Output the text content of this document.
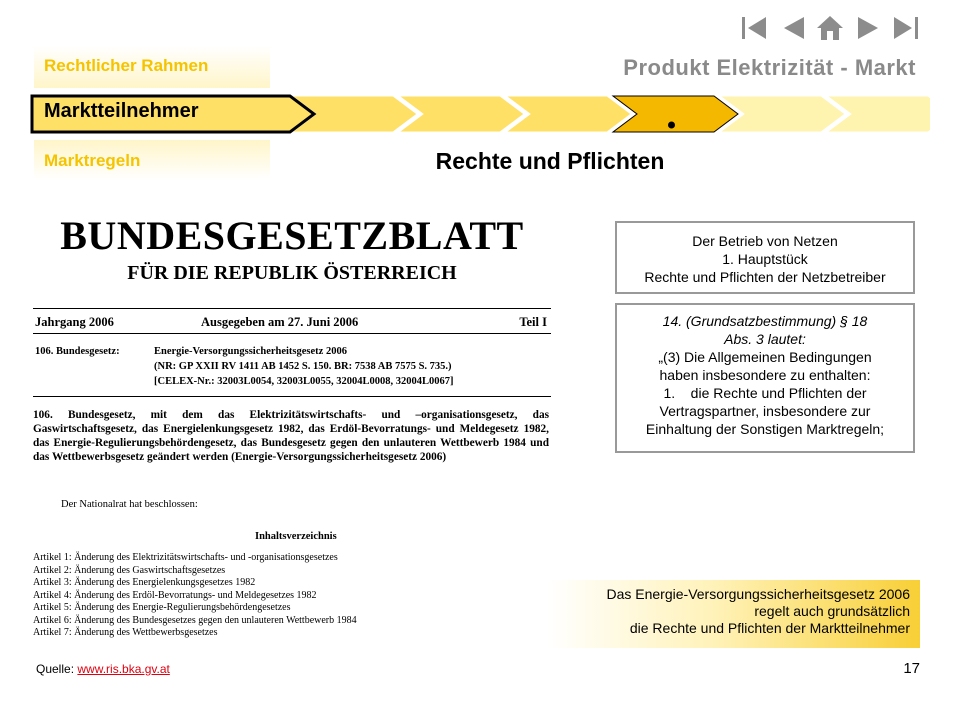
Produkt Elektrizität - Markt
Rechtlicher Rahmen
Marktteilnehmer
Marktregeln	Rechte und Pflichten
BUNDESGESETZBLATT
FÜR DIE REPUBLIK ÖSTERREICH
Jahrgang 2006	Ausgegeben am 27. Juni 2006	Teil I
106. Bundesgesetz:	Energie-Versorgungssicherheitsgesetz 2006
(NR: GP XXII RV 1411 AB 1452 S. 150. BR: 7538 AB 7575 S. 735.)
[CELEX-Nr.: 32003L0054, 32003L0055, 32004L0008, 32004L0067]
106. Bundesgesetz, mit dem das Elektrizitätswirtschafts- und –organisationsgesetz, das Gaswirtschaftsgesetz, das Energielenkungsgesetz 1982, das Erdöl-Bevorratungs- und Meldegesetz 1982, das Energie-Regulierungsbehördengesetz, das Bundesgesetz gegen den unlauteren Wettbewerb 1984 und das Wettbewerbsgesetz geändert werden (Energie-Versorgungssicherheitsgesetz 2006)
Der Nationalrat hat beschlossen:
Inhaltsverzeichnis
Artikel 1: Änderung des Elektrizitätswirtschafts- und -organisationsgesetzes
Artikel 2: Änderung des Gaswirtschaftsgesetzes
Artikel 3: Änderung des Energielenkungsgesetzes 1982
Artikel 4: Änderung des Erdöl-Bevorratungs- und Meldegesetzes 1982
Artikel 5: Änderung des Energie-Regulierungsbehördengesetzes
Artikel 6: Änderung des Bundesgesetzes gegen den unlauteren Wettbewerb 1984
Artikel 7: Änderung des Wettbewerbsgesetzes
Der Betrieb von Netzen
1. Hauptstück
Rechte und Pflichten der Netzbetreiber
14. (Grundsatzbestimmung) § 18
Abs. 3 lautet:
„(3) Die Allgemeinen Bedingungen
haben insbesondere zu enthalten:
1.    die Rechte und Pflichten der
Vertragspartner, insbesondere zur
Einhaltung der Sonstigen Marktregeln;
Das Energie-Versorgungssicherheitsgesetz 2006
regelt auch grundsätzlich
die Rechte und Pflichten der Marktteilnehmer
Quelle: www.ris.bka.gv.at	17
